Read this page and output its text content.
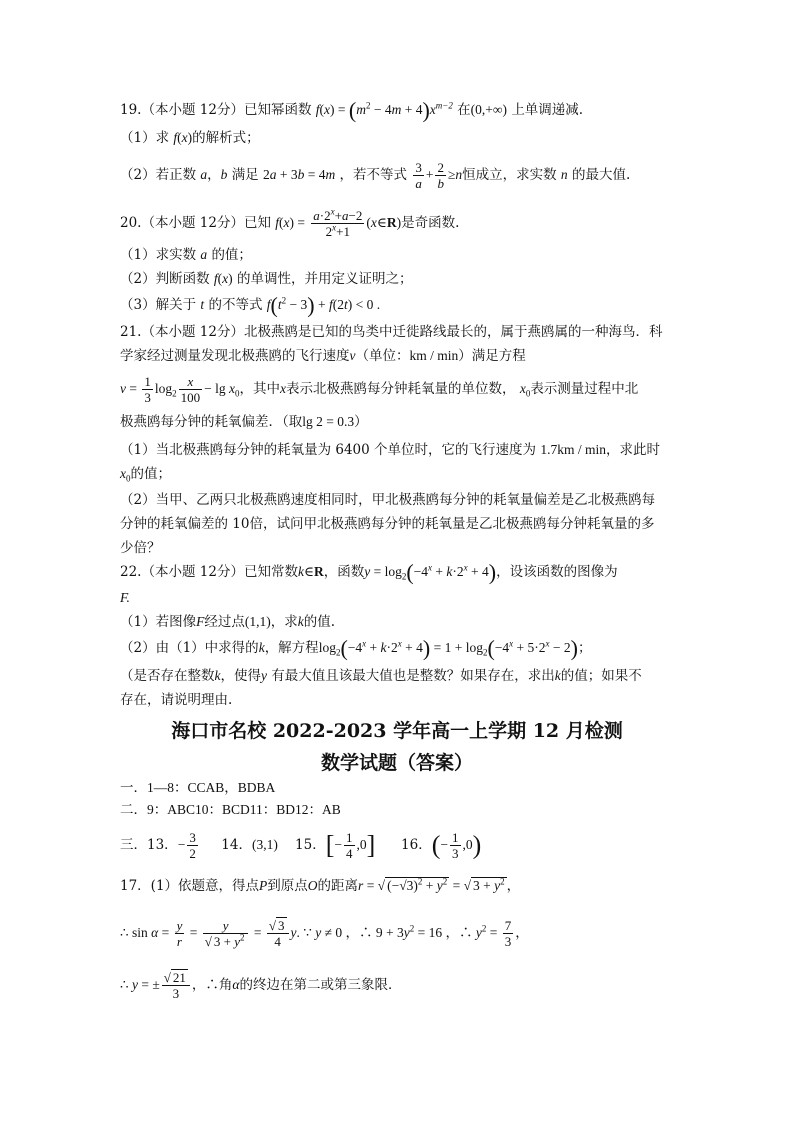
19.（本小题 12分）已知幂函数 $f(x) = (m^2 - 4m + 4)x^{m-2}$ 在(0,+∞) 上单调递减.
（1）求 f(x)的解析式；
（2）若正数 a，b 满足 2a + 3b = 4m ，若不等式 $\frac{3}{a} + \frac{2}{b} \ge n$恒成立，求实数 n 的最大值.
20.（本小题 12分）已知 $f(x) = \frac{a\cdot 2^x+a-2}{2^x+1}$ (x∈R)是奇函数.
（1）求实数 a 的值；
（2）判断函数 f(x) 的单调性，并用定义证明之；
（3）解关于 t 的不等式 $f(t^2 - 3) + f(2t) < 0$ .
21.（本小题 12分）北极燕鸥是已知的鸟类中迁徙路线最长的，属于燕鸥属的一种海鸟．科
学家经过测量发现北极燕鸥的飞行速度v（单位：km / min）满足方程
$v = \frac{1}{3} \log_2 \frac{x}{100} - \lg x_0$，其中x表示北极燕鸥每分钟耗氧量的单位数， $x_0$表示测量过程中北
极燕鸥每分钟的耗氧偏差．（取lg 2 = 0.3）
（1）当北极燕鸥每分钟的耗氧量为 6400 个单位时，它的飞行速度为 1.7km / min，求此时
$x_0$的值；
（2）当甲、乙两只北极燕鸥速度相同时，甲北极燕鸥每分钟的耗氧量偏差是乙北极燕鸥每
分钟的耗氧偏差的 10倍，试问甲北极燕鸥每分钟的耗氧量是乙北极燕鸥每分钟耗氧量的多
少倍？
22.（本小题 12分）已知常数k∈R，函数$y = \log_2(-4^x + k\cdot 2^x + 4)$，设该函数的图像为
F.
（1）若图像F经过点(1,1)，求k的值.
（2）由（1）中求得的k，解方程$\log_2(-4^x + k\cdot 2^x + 4) = 1 + \log_2(-4^x + 5\cdot 2^x - 2)$；
（是否存在整数k，使得y 有最大值且该最大值也是整数？如果存在，求出k的值；如果不
存在，请说明理由.
海口市名校 2022-2023 学年高一上学期 12 月检测
数学试题（答案）
一．1—8：CCAB，BDBA
二．9：ABC10：BCD11：BD12：AB
三．13．− $\frac{3}{2} 14$．(3,1) 15．[− $\frac{1}{4} ,0$] 16．(− $\frac{1}{3} ,0$)
17．(1）依题意，得点P到原点O的距离r = √ $(-√3)^2 + y^2$ = √ $3 + y^2$ ，
∴ $\sin \alpha = \frac{y}{r} = \frac{y}{√ 3 + y^2} = \frac{√ 3}{4} y$. ∵ y ≠ 0 ，∴ $9 + 3y^2 = 16$ ，∴ $y^2 = \frac{7}{3}$ ，
∴ y = ± $\frac{√ 21}{3}$ ，∴角α的终边在第二或第三象限．
